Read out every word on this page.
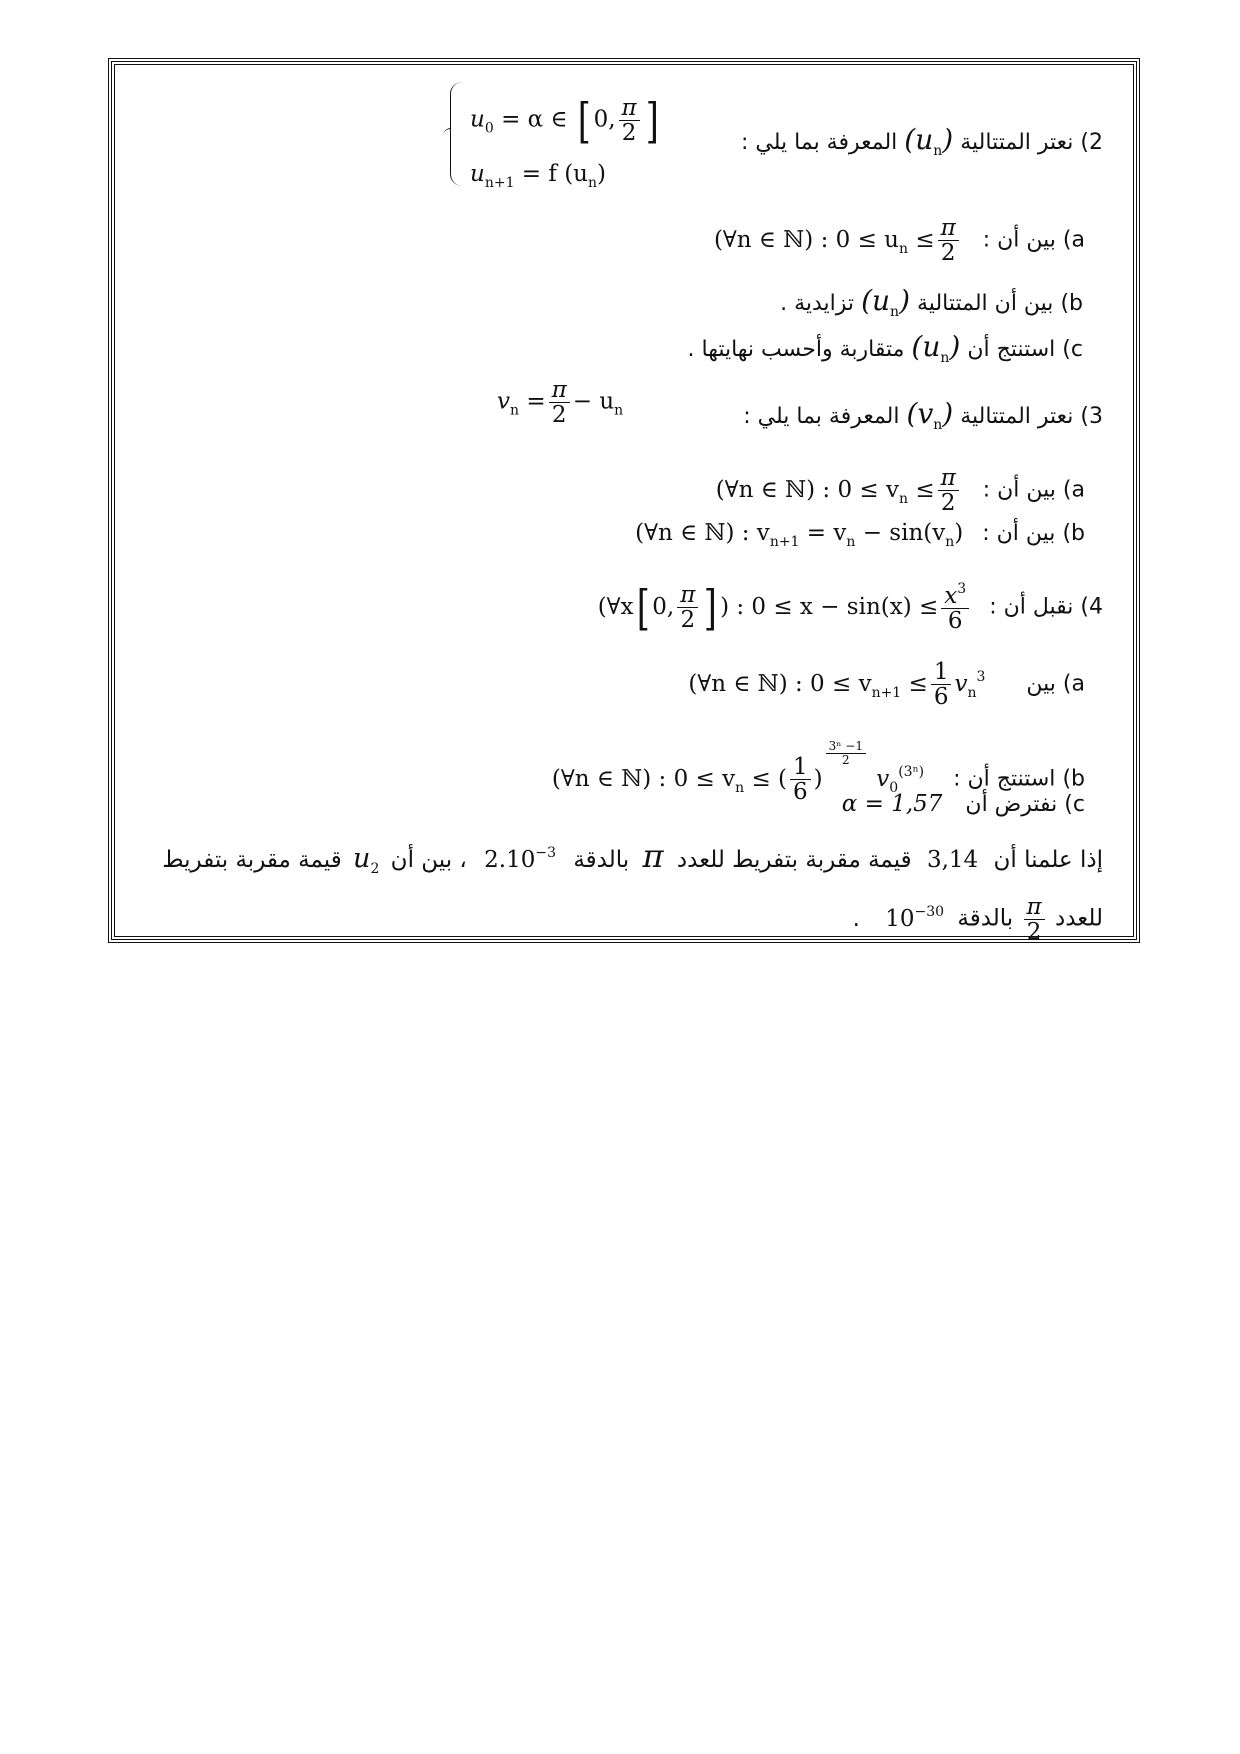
$u_0 = \alpha$ ∈ [ 0, $\frac{\pi}{2}$ ]
$u_{n+1} = f$ $(u_n)$
2) نعتر المتتالية $(u_n)$ المعرفة بما يلي :
a) بين أن : (∀n ∈ ℕ) : $0 \le u_n \le \frac{\pi}{2}$
b) بين أن المتتالية $(u_n)$ تزايدية .
c) استنتج أن $(u_n)$ متقاربة وأحسب نهايتها .
3) نعتر المتتالية $(v_n)$ المعرفة بما يلي :
$v_n = \frac{\pi}{2} - u_n$
a) بين أن : (∀n ∈ ℕ) : $0 \le v_n \le \frac{\pi}{2}$
b) بين أن : (∀n ∈ ℕ) : $v_{n+1} = v_n - \sin(v_n)$
4) نقبل أن : (∀x[ 0, $\frac{\pi}{2}$ ] ) : $0 \le x - \sin(x) \le \frac{x^3}{6}$
a) بين (∀n ∈ ℕ) : $0 \le v_{n+1} \le \frac{1}{6} v_n^3$
b) استنتج أن : (∀n ∈ ℕ) : $0 \le v_n$ ≤ ( $\frac{1}{6}$ )
$\frac{\text{3ⁿ −1}}{2}$
$v_0^{(3^n)}$
c) نفترض أن α = 1,57
إذا علمنا أن 3,14 قيمة مقربة بتفريط للعدد π بالدقة $2.10^{-3}$ ، بين أن $u_2$ قيمة مقربة بتفريط
للعدد
$\frac{\pi}{2}$
بالدقة $10^{-30}$ .
